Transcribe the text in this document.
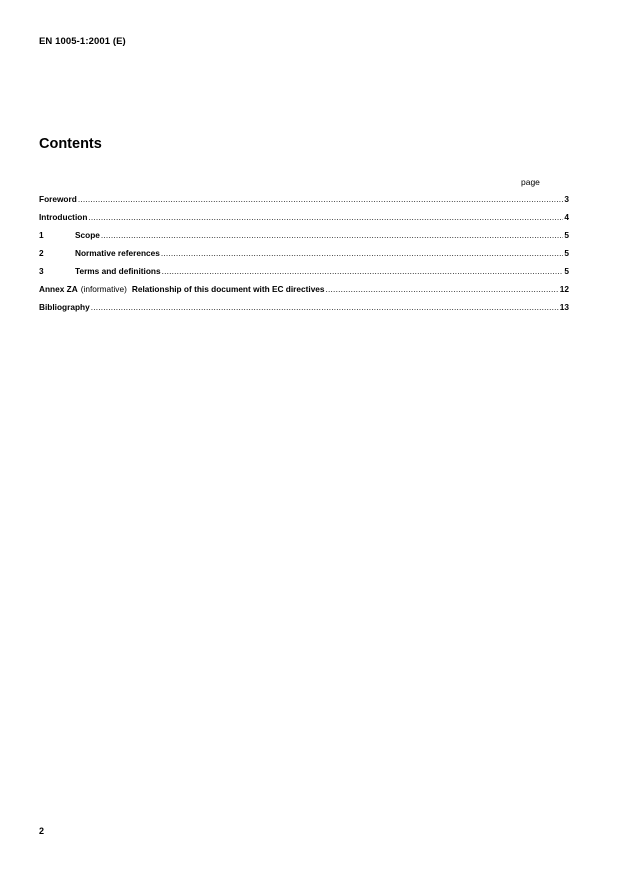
EN 1005-1:2001 (E)
Contents
page
Foreword .....	3
Introduction .....	4
1	Scope .....	5
2	Normative references .....	5
3	Terms and definitions .....	5
Annex ZA (informative) Relationship of this document with EC directives .....	12
Bibliography .....	13
2
